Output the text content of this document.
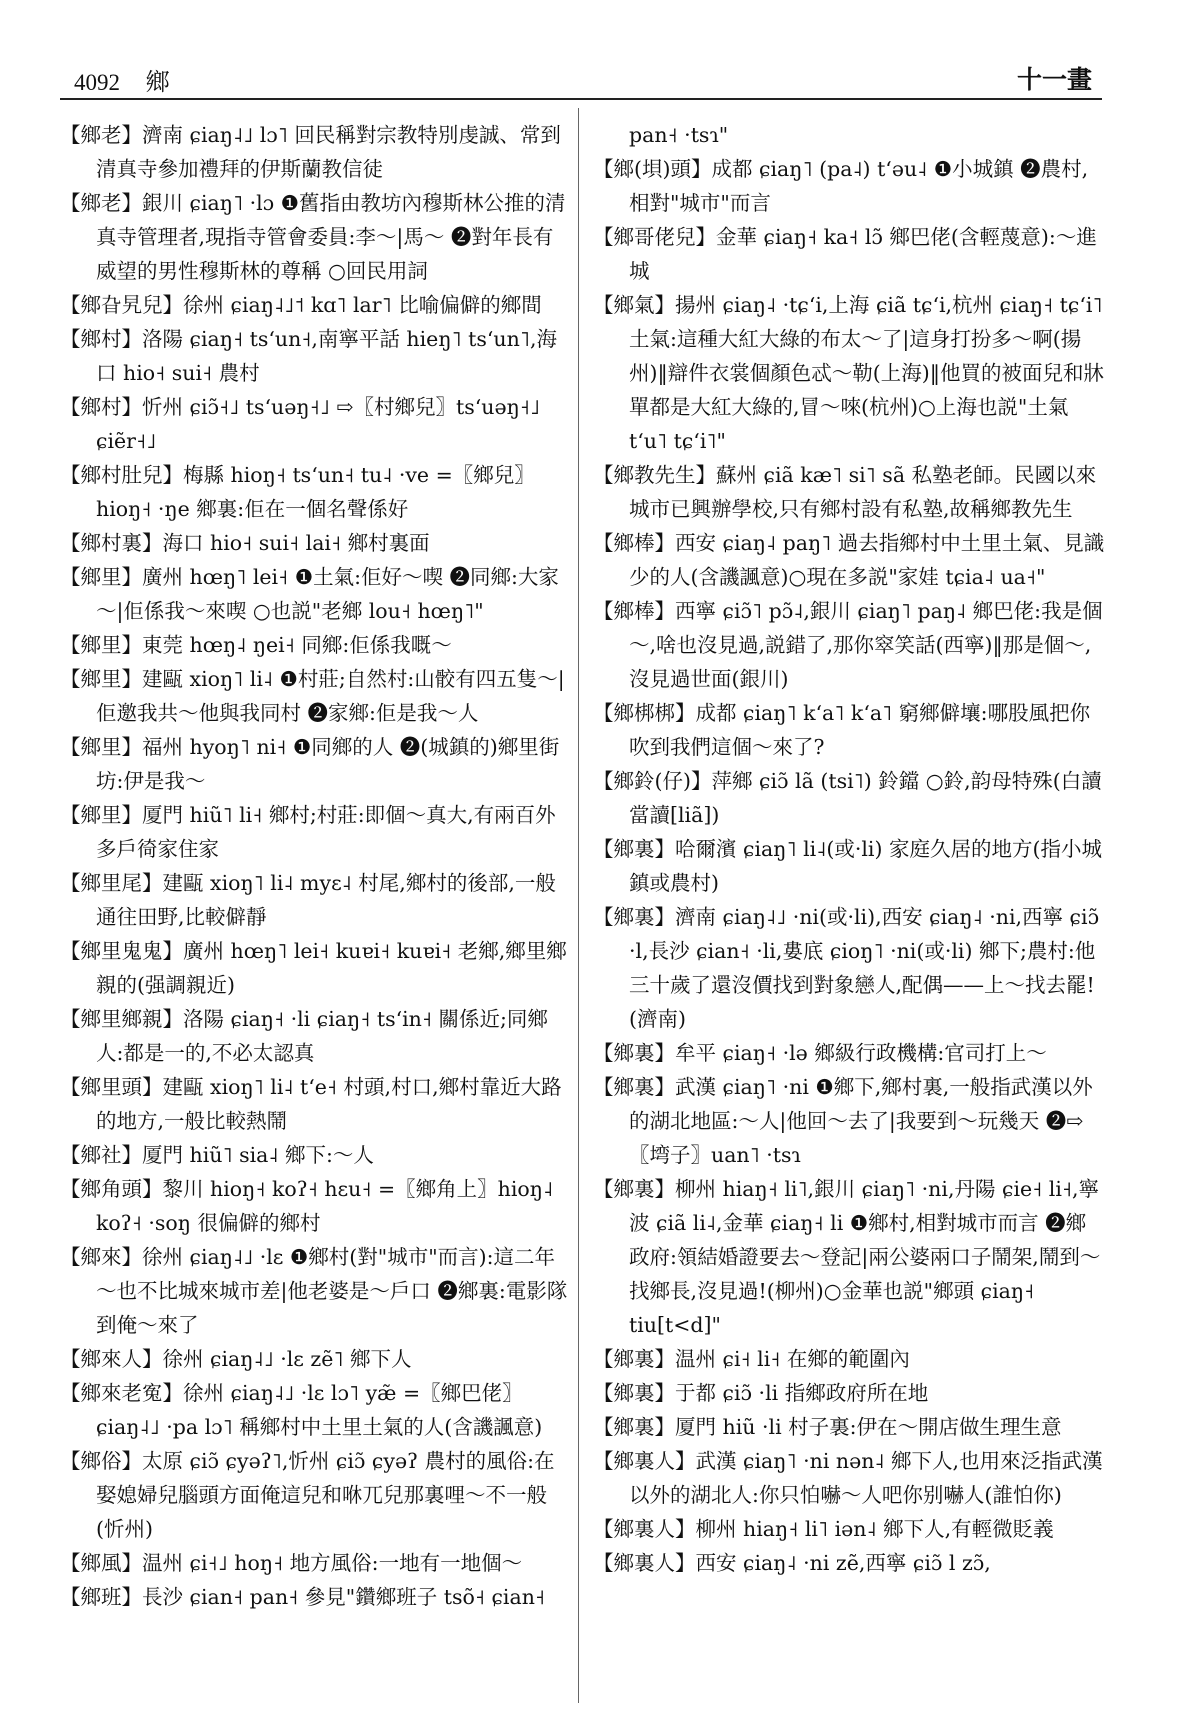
4092 鄉	十一畫
【鄉老】濟南 ɕiaŋ˨˩ lɔ˥ 回民稱對宗教特別虔誠、常到清真寺參加禮拜的伊斯蘭教信徒
【鄉老】銀川 ɕiaŋ˥ ·lɔ ❶舊指由教坊內穆斯林公推的清真寺管理者,現指寺管會委員:李～|馬～ ❷對年長有威望的男性穆斯林的尊稱 ○回民用詞
【鄉旮旯兒】徐州 ɕiaŋ˨˩˦ kɑ˥ lar˥ 比喻偏僻的鄉間
【鄉村】洛陽 ɕiaŋ˧ tsʻun˧,南寧平話 hieŋ˥ tsʻun˥,海口 hio˧ sui˧ 農村
【鄉村】忻州 ɕiɔ̃˧˩ tsʻuəŋ˧˩ ⇨〖村鄉兒〗tsʻuəŋ˧˩ ɕiẽr˧˩
【鄉村肚兒】梅縣 hioŋ˧ tsʻun˧ tu˨ ·ve =〖鄉兒〗hioŋ˧ ·ŋe 鄉裏:佢在一個名聲係好
【鄉村裏】海口 hio˧ sui˧ lai˧ 鄉村裏面
【鄉里】廣州 hœŋ˥ lei˧ ❶土氣:佢好～喫 ❷同鄉:大家～|佢係我～來喫 ○也説"老鄉 lou˧ hœŋ˥"
【鄉里】東莞 hœŋ˨ ŋei˧ 同鄉:佢係我嘅～
【鄉里】建甌 xioŋ˥ li˨ ❶村莊;自然村:山骹有四五隻～|佢邀我共～他與我同村 ❷家鄉:佢是我～人
【鄉里】福州 hyoŋ˥ ni˧ ❶同鄉的人 ❷(城鎮的)鄉里街坊:伊是我～
【鄉里】厦門 hiũ˥ li˧ 鄉村;村莊:即個～真大,有兩百外多戶徛家住家
【鄉里尾】建甌 xioŋ˥ li˨ myɛ˨ 村尾,鄉村的後部,一般通往田野,比較僻靜
【鄉里鬼鬼】廣州 hœŋ˥ lei˧ kuɐi˧ kuɐi˧ 老鄉,鄉里鄉親的(强調親近)
【鄉里鄉親】洛陽 ɕiaŋ˧ ·li ɕiaŋ˧ tsʻin˧ 關係近;同鄉人:都是一的,不必太認真
【鄉里頭】建甌 xioŋ˥ li˨ tʻe˧ 村頭,村口,鄉村靠近大路的地方,一般比較熱鬧
【鄉社】厦門 hiũ˥ sia˨ 鄉下:～人
【鄉角頭】黎川 hioŋ˧ koʔ˧ hɛu˧ =〖鄉角上〗hioŋ˨ koʔ˧ ·soŋ 很偏僻的鄉村
【鄉來】徐州 ɕiaŋ˨˩ ·lɛ ❶鄉村(對"城市"而言):這二年～也不比城來城市差|他老婆是～戶口 ❷鄉裏:電影隊到俺～來了
【鄉來人】徐州 ɕiaŋ˨˩ ·lɛ zẽ˥ 鄉下人
【鄉來老寃】徐州 ɕiaŋ˨˩ ·lɛ lɔ˥ yæ̃ =〖鄉巴佬〗ɕiaŋ˨˩ ·pa lɔ˥ 稱鄉村中土里土氣的人(含譏諷意)
【鄉俗】太原 ɕiɔ̃ ɕyəʔ˥,忻州 ɕiɔ̃ ɕyəʔ 農村的風俗:在娶媳婦兒腦頭方面俺這兒和咻兀兒那裏哩～不一般(忻州)
【鄉風】温州 ɕi˧˩ hoŋ˧ 地方風俗:一地有一地個～
【鄉班】長沙 ɕian˧ pan˧ 參見"鑽鄉班子 tsõ˧ ɕian˧
pan˧ ·tsɿ"
【鄉(垻)頭】成都 ɕiaŋ˥ (pa˨) tʻəu˨ ❶小城鎮 ❷農村,相對"城市"而言
【鄉哥佬兒】金華 ɕiaŋ˧ ka˧ lɔ̃ 鄉巴佬(含輕蔑意):～進城
【鄉氣】揚州 ɕiaŋ˨ ·tɕʻi,上海 ɕiã tɕʻi,杭州 ɕiaŋ˧ tɕʻi˥ 土氣:這種大紅大綠的布太～了|這身打扮多～啊(揚州)‖辯件衣裳個顏色忒～勒(上海)‖他買的被面兒和牀單都是大紅大綠的,冒～唻(杭州)○上海也説"土氣 tʻu˥ tɕʻi˥"
【鄉教先生】蘇州 ɕiã kæ˥ si˥ sã 私塾老師。民國以來城市已興辦學校,只有鄉村設有私塾,故稱鄉教先生
【鄉棒】西安 ɕiaŋ˨ paŋ˥ 過去指鄉村中土里土氣、見識少的人(含譏諷意)○現在多説"家娃 tɕia˨ ua˧"
【鄉棒】西寧 ɕiɔ̃˥ pɔ̃˨,銀川 ɕiaŋ˥ paŋ˨ 鄉巴佬:我是個～,啥也沒見過,説錯了,那你窣笑話(西寧)‖那是個～,沒見過世面(銀川)
【鄉梆梆】成都 ɕiaŋ˥ kʻa˥ kʻa˥ 窮鄉僻壤:哪股風把你吹到我們這個～來了?
【鄉鈴(仔)】萍鄉 ɕiɔ̃ lã (tsi˥) 鈴鐺 ○鈴,韵母特殊(白讀當讀[liã])
【鄉裏】哈爾濱 ɕiaŋ˥ li˨(或·li) 家庭久居的地方(指小城鎮或農村)
【鄉裏】濟南 ɕiaŋ˨˩ ·ni(或·li),西安 ɕiaŋ˨ ·ni,西寧 ɕiɔ̃ ·l,長沙 ɕian˧ ·li,婁底 ɕioŋ˥ ·ni(或·li) 鄉下;農村:他三十歲了還沒價找到對象戀人,配偶——上～找去罷!(濟南)
【鄉裏】牟平 ɕiaŋ˧ ·lə 鄉級行政機構:官司打上～
【鄉裏】武漢 ɕiaŋ˥ ·ni ❶鄉下,鄉村裏,一般指武漢以外的湖北地區:～人|他回～去了|我要到～玩幾天 ❷⇨〖塆子〗uan˥ ·tsɿ
【鄉裏】柳州 hiaŋ˧ li˥,銀川 ɕiaŋ˥ ·ni,丹陽 ɕie˧ li˧,寧波 ɕiã li˨,金華 ɕiaŋ˧ li ❶鄉村,相對城市而言 ❷鄉政府:領結婚證要去～登記|兩公婆兩口子鬧架,鬧到～找鄉長,沒見過!(柳州)○金華也説"鄉頭 ɕiaŋ˧ tiu[t<d]"
【鄉裏】温州 ɕi˧ li˧ 在鄉的範圍內
【鄉裏】于都 ɕiɔ̃ ·li 指鄉政府所在地
【鄉裏】厦門 hiũ ·li 村子裏:伊在～開店做生理生意
【鄉裏人】武漢 ɕiaŋ˥ ·ni nən˨ 鄉下人,也用來泛指武漢以外的湖北人:你只怕嚇～人吧你别嚇人(誰怕你)
【鄉裏人】柳州 hiaŋ˧ li˥ iən˨ 鄉下人,有輕微貶義
【鄉裏人】西安 ɕiaŋ˨ ·ni zẽ,西寧 ɕiɔ̃ l zɔ̃,
